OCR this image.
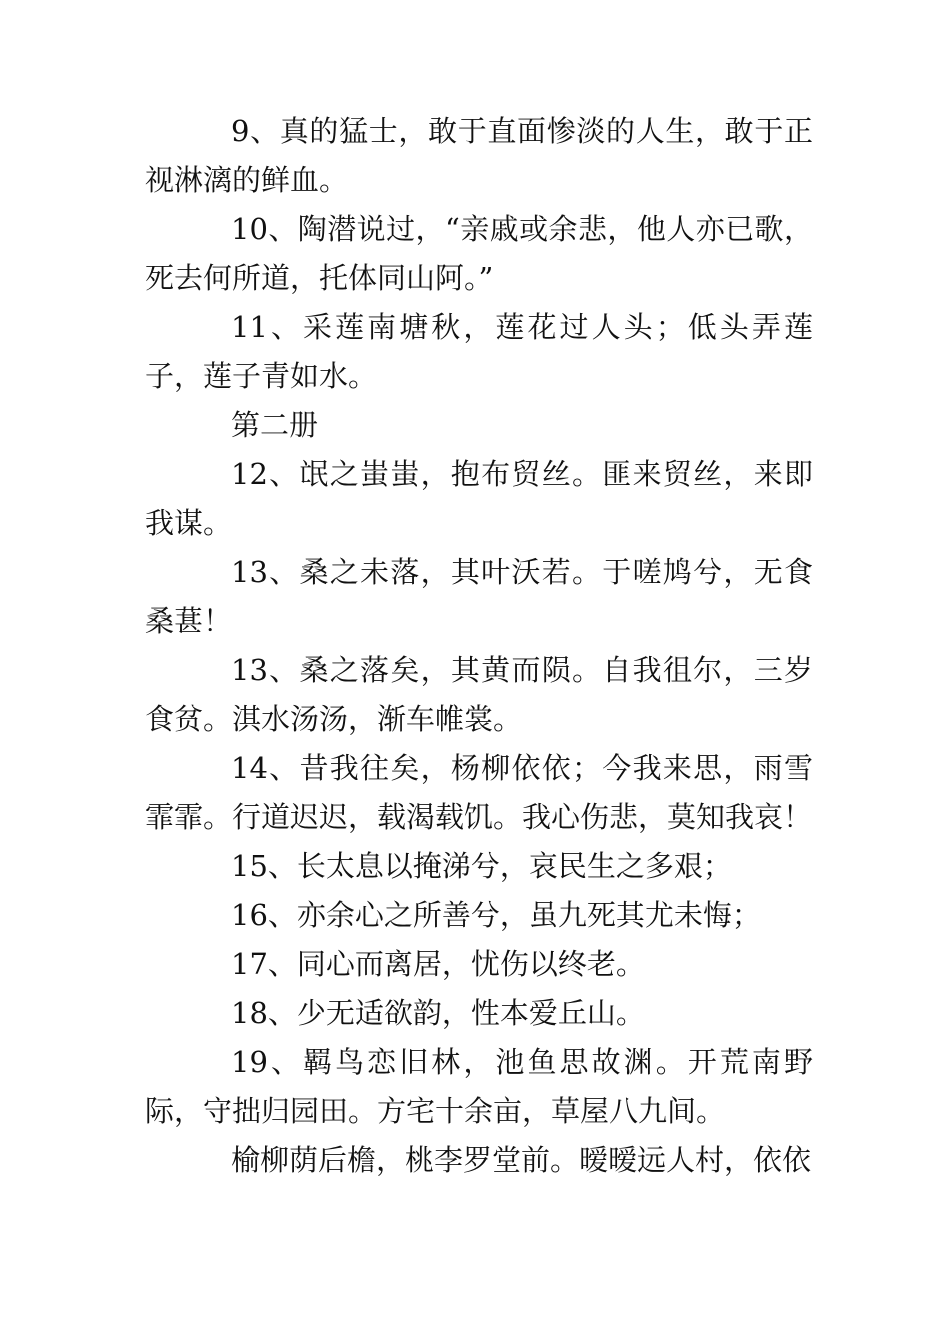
9、真的猛士，敢于直面惨淡的人生，敢于正视淋漓的鲜血。

10、陶潜说过，“亲戚或余悲，他人亦已歌，死去何所道，托体同山阿。”

11、采莲南塘秋，莲花过人头；低头弄莲子，莲子青如水。

第二册

12、氓之蚩蚩，抱布贸丝。匪来贸丝，来即我谋。

13、桑之未落，其叶沃若。于嗟鸠兮，无食桑葚！

13、桑之落矣，其黄而陨。自我徂尔，三岁食贫。淇水汤汤，渐车帷裳。

14、昔我往矣，杨柳依依；今我来思，雨雪霏霏。行道迟迟，载渴载饥。我心伤悲，莫知我哀！

15、长太息以掩涕兮，哀民生之多艰；

16、亦余心之所善兮，虽九死其尤未悔；

17、同心而离居，忧伤以终老。

18、少无适欲韵，性本爱丘山。

19、羁鸟恋旧林，池鱼思故渊。开荒南野际，守拙归园田。方宅十余亩，草屋八九间。

榆柳荫后檐，桃李罗堂前。暧暧远人村，依依
